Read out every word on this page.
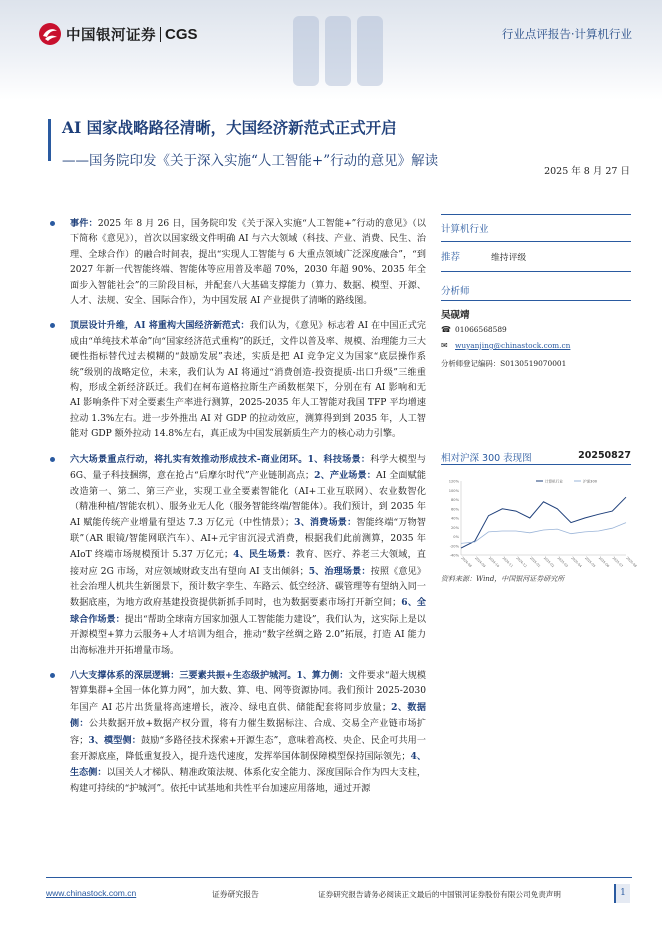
中国银河证券 CGS	行业点评报告·计算机行业
AI 国家战略路径清晰，大国经济新范式正式开启
——国务院印发《关于深入实施“人工智能+”行动的意见》解读
2025 年 8 月 27 日

事件：2025 年 8 月 26 日，国务院印发《关于深入实施“人工智能+”行动的意见》（以下简称《意见》），首次以国家级文件明确 AI 与六大领域（科技、产业、消费、民生、治理、全球合作）的融合时间表，提出“实现人工智能与 6 大重点领域广泛深度融合”，“到 2027 年新一代智能终端、智能体等应用普及率超 70%，2030 年超 90%、2035 年全面步入智能社会”的三阶段目标，并配套八大基础支撑能力（算力、数据、模型、开源、人才、法规、安全、国际合作），为中国发展 AI 产业提供了清晰的路线图。

顶层设计升维，AI 将重构大国经济新范式：我们认为，《意见》标志着 AI 在中国正式完成由“单纯技术革命”向“国家经济范式重构”的跃迁，文件以普及率、规模、治理能力三大硬性指标替代过去模糊的“鼓励发展”表述，实质是把 AI 竞争定义为国家“底层操作系统”级别的战略定位，未来，我们认为 AI 将通过“消费创造-投资提质-出口升级”三维重构，形成全新经济跃迁。我们在柯布道格拉斯生产函数框架下，分别在有 AI 影响和无 AI 影响条件下对全要素生产率进行测算，2025-2035 年人工智能对我国 TFP 平均增速拉动 1.3%左右。进一步外推出 AI 对 GDP 的拉动效应，测算得到到 2035 年，人工智能对 GDP 额外拉动 14.8%左右，真正成为中国发展新质生产力的核心动力引擎。

六大场景重点行动，将扎实有效推动形成技术-商业闭环。1、科技场景：科学大模型与 6G、量子科技捆绑，意在抢占“后摩尔时代”产业链制高点；2、产业场景：AI 全面赋能改造第一、第二、第三产业，实现工业全要素智能化（AI+工业互联网）、农业数智化（精准种植/智能农机）、服务业无人化（服务智能终端/智能体）。我们预计，到 2035 年 AI 赋能传统产业增量有望达 7.3 万亿元（中性情景）；3、消费场景：智能终端“万物智联”（AR 眼镜/智能网联汽车）、AI+元宇宙沉浸式消费，根据我们此前测算，2035 年 AIoT 终端市场规模预计 5.37 万亿元；4、民生场景：教育、医疗、养老三大领域，直接对应 2G 市场，对应领域财政支出有望向 AI 支出倾斜；5、治理场景：按照《意见》社会治理人机共生新图景下，预计数字孪生、车路云、低空经济、碳管理等有望纳入同一数据底座，为地方政府基建投资提供新抓手同时，也为数据要素市场打开新空间；6、全球合作场景：提出“帮助全球南方国家加强人工智能能力建设”，我们认为，这实际上是以开源模型+算力云服务+人才培训为组合，推动“数字丝绸之路 2.0”拓展，打造 AI 能力出海标准并开拓增量市场。

八大支撑体系的深层逻辑：三要素共振+生态级护城河。1、算力侧：文件要求“超大规模智算集群+全国一体化算力网”，加大数、算、电、网等资源协同。我们预计 2025-2030 年国产 AI 芯片出货量将高速增长，液冷、绿电直供、储能配套将同步放量；2、数据侧：公共数据开放+数据产权分置，将有力催生数据标注、合成、交易全产业链市场扩容；3、模型侧：鼓励“多路径技术探索+开源生态”，意味着高校、央企、民企可共用一套开源底座，降低重复投入，提升迭代速度，发挥举国体制保障模型保持国际领先；4、生态侧：以国关人才梯队、精准政策法规、体系化安全能力、深度国际合作为四大支柱，构建可持续的“护城河”。依托中试基地和共性平台加速应用落地，通过开源

计算机行业
推荐	维持评级
分析师
吴砚靖
☎ 01066568589
✉ wuyanjing@chinastock.com.cn
分析师登记编码：S0130519070001
相对沪深 300 表现图	20250827
120%
100%
80%
60%
40%
20%
0%
-20%
-40%
2024-08 2024-09 2024-10 2024-11 2024-12 2025-01 2025-02 2025-03 2025-04 2025-05 2025-06 2025-07 2025-08
计算机行业	沪深300
资料来源：Wind，中国银河证券研究所
www.chinastock.com.cn	证券研究报告	证券研究报告请务必阅读正文最后的中国银河证券股份有限公司免责声明	1
